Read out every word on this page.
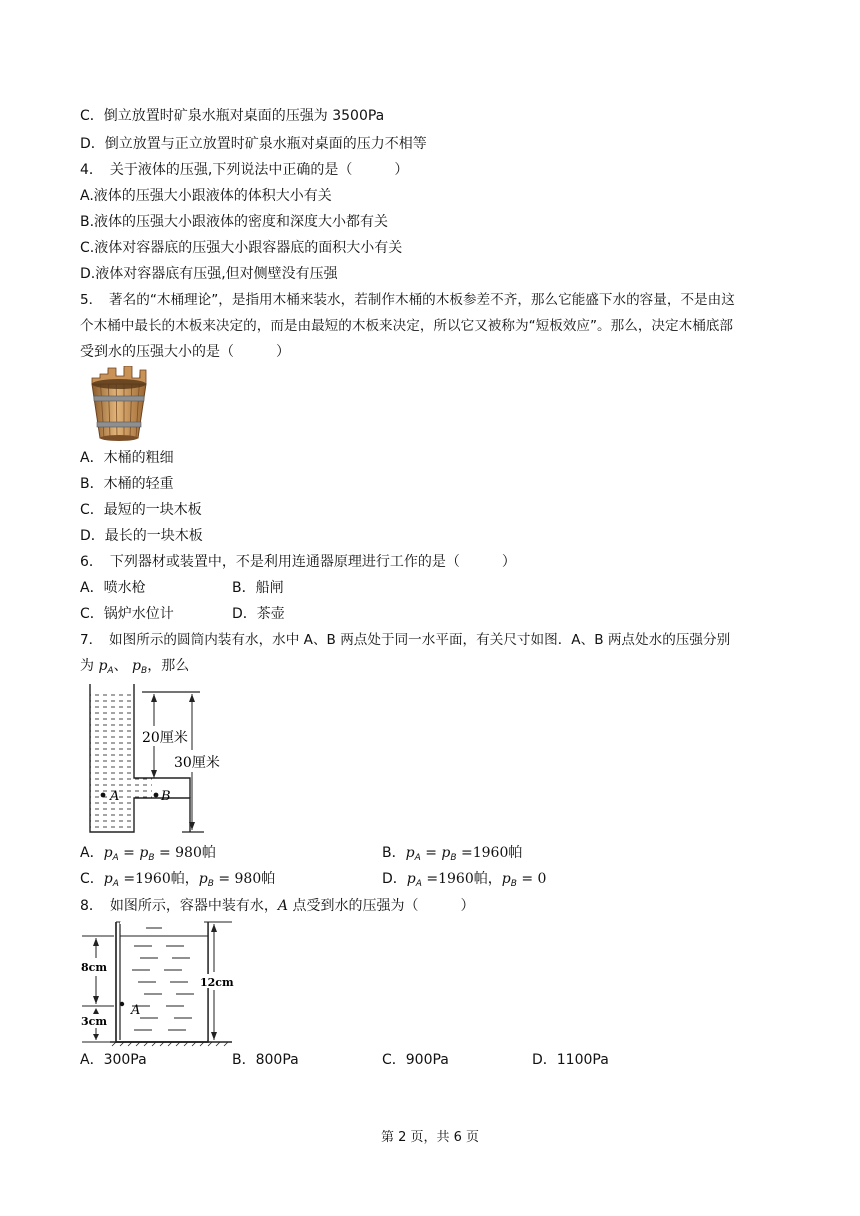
C．倒立放置时矿泉水瓶对桌面的压强为 3500Pa
D．倒立放置与正立放置时矿泉水瓶对桌面的压力不相等
4．　关于液体的压强,下列说法中正确的是（　　　）
A.液体的压强大小跟液体的体积大小有关
B.液体的压强大小跟液体的密度和深度大小都有关
C.液体对容器底的压强大小跟容器底的面积大小有关
D.液体对容器底有压强,但对侧壁没有压强
5．　著名的“木桶理论”，是指用木桶来装水，若制作木桶的木板参差不齐，那么它能盛下水的容量，不是由这
个木桶中最长的木板来决定的，而是由最短的木板来决定，所以它又被称为“短板效应”。那么，决定木桶底部
受到水的压强大小的是（　　　）
A．木桶的粗细
B．木桶的轻重
C．最短的一块木板
D．最长的一块木板
6．　下列器材或装置中，不是利用连通器原理进行工作的是（　　　）
A．喷水枪	B．船闸
C．锅炉水位计	D．茶壶
7．　如图所示的圆筒内装有水，水中 A、B 两点处于同一水平面，有关尺寸如图．A、B 两点处水的压强分别
为 $p_A$、 $p_B$，那么
20厘米
30厘米
A	B
A．$p_A = p_B = 980$帕	B．$p_A = p_B =1960$帕
C．$p_A =1960$帕，$p_B = 980$帕	D．$p_A =1960$帕，$p_B = 0$
8．　如图所示，容器中装有水，A 点受到水的压强为（　　　）
8cm
3cm
A
12cm
A．300Pa	B．800Pa	C．900Pa	D．1100Pa
第 2 页，共 6 页
